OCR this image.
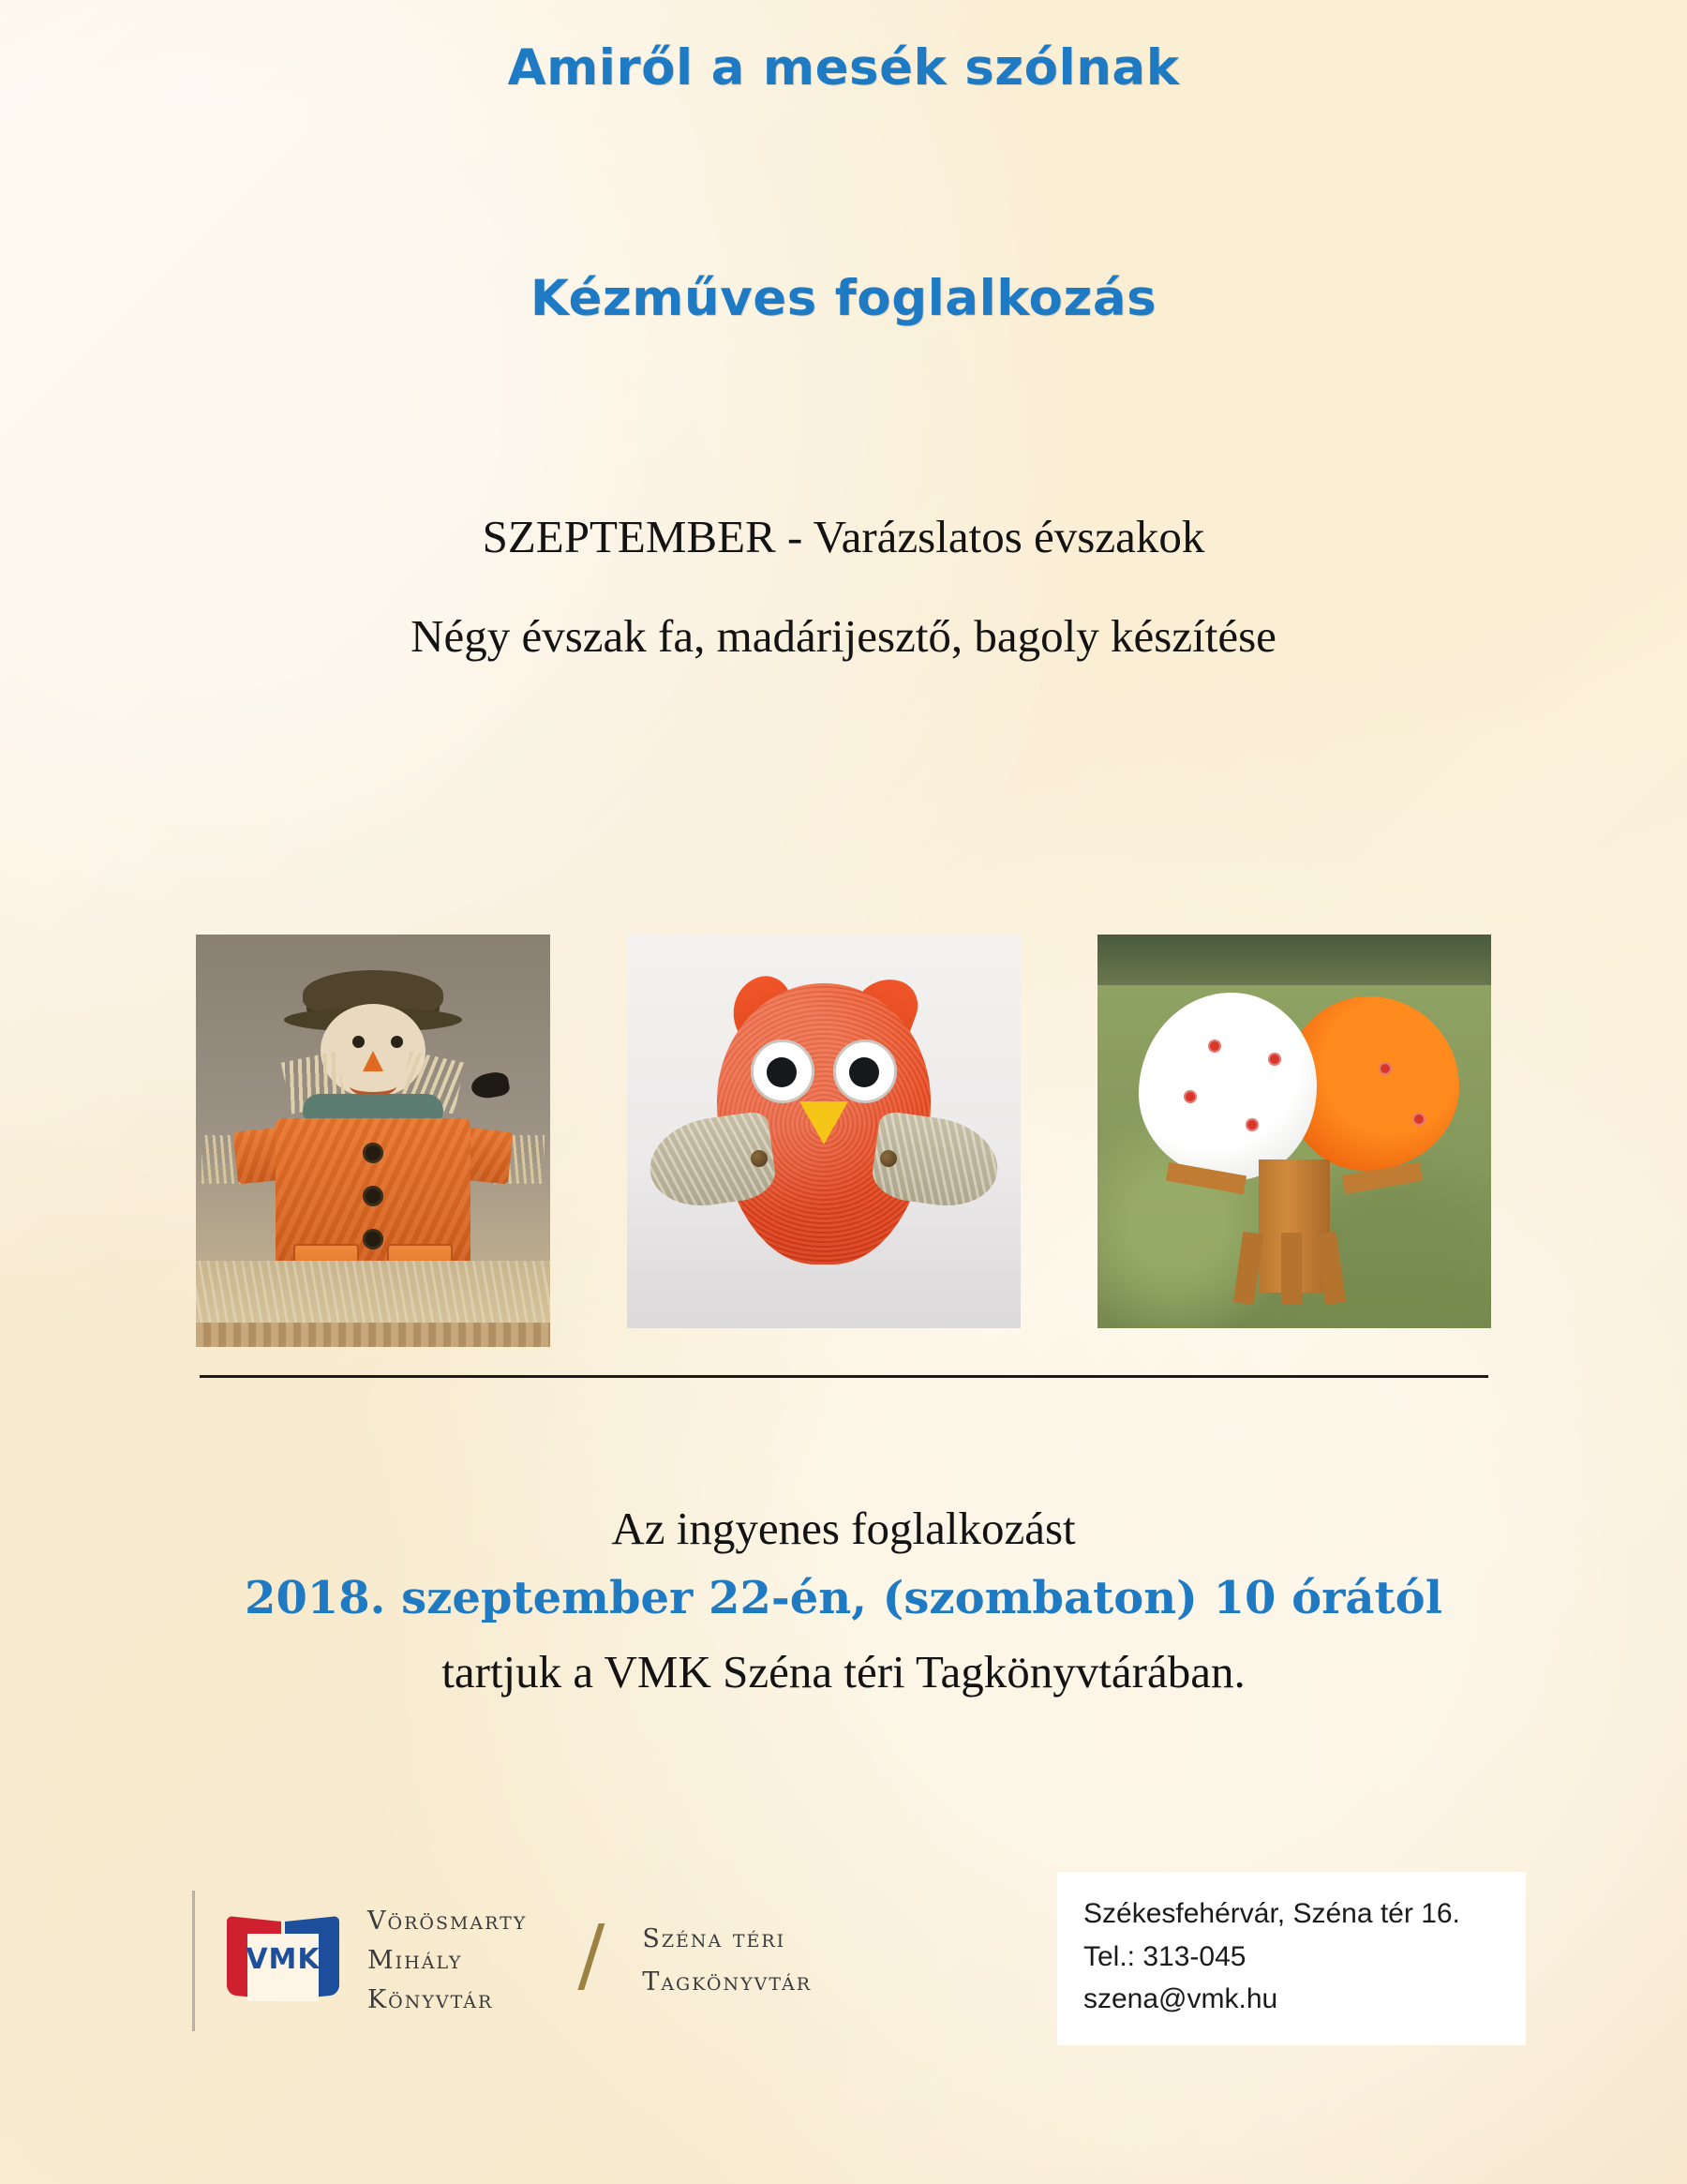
Amiről a mesék szólnak
Kézműves foglalkozás

SZEPTEMBER - Varázslatos évszakok

Négy évszak fa, madárijesztő, bagoly készítése

Az ingyenes foglalkozást

2018. szeptember 22-én, (szombaton) 10 órától

tartjuk a VMK Széna téri Tagkönyvtárában.

VMK
Vörösmarty
Mihály
Könyvtár	/ Széna téri
Tagkönyvtár
Székesfehérvár, Széna tér 16.
Tel.: 313-045
szena@vmk.hu
